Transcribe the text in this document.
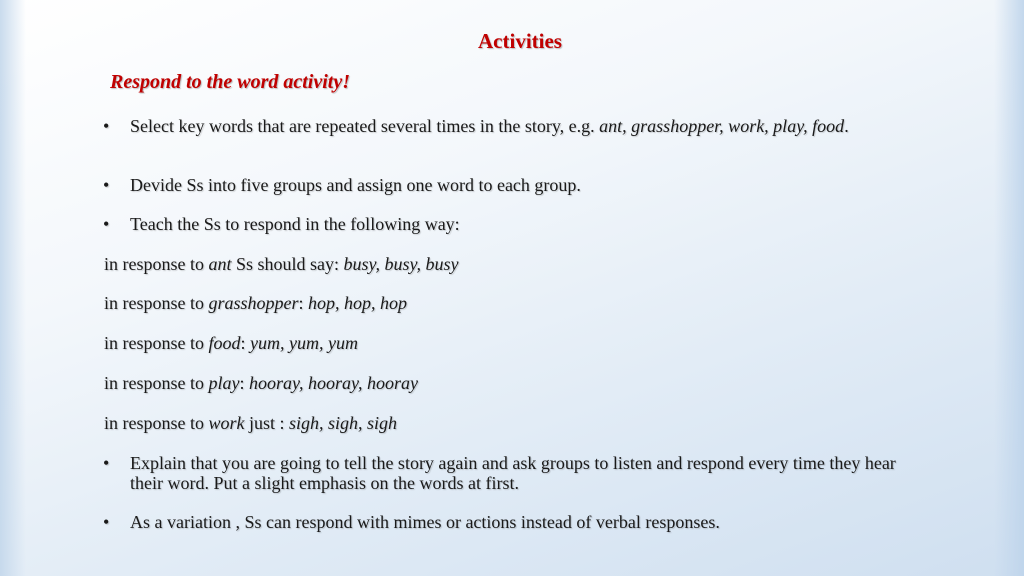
Activities
Respond to the word activity!
•	Select key words that are repeated several times in the story, e.g. ant, grasshopper, work, play, food.
•	Devide Ss into five groups and assign one word to each group.
•	Teach the Ss to respond in the following way:
in response to ant Ss should say: busy, busy, busy
in response to grasshopper: hop, hop, hop
in response to food: yum, yum, yum
in response to play: hooray, hooray, hooray
in response to work just : sigh, sigh, sigh
•	Explain that you are going to tell the story again and ask groups to listen and respond every time they hear their word. Put a slight emphasis on the words at first.
•	As a variation , Ss can respond with mimes or actions instead of verbal responses.
